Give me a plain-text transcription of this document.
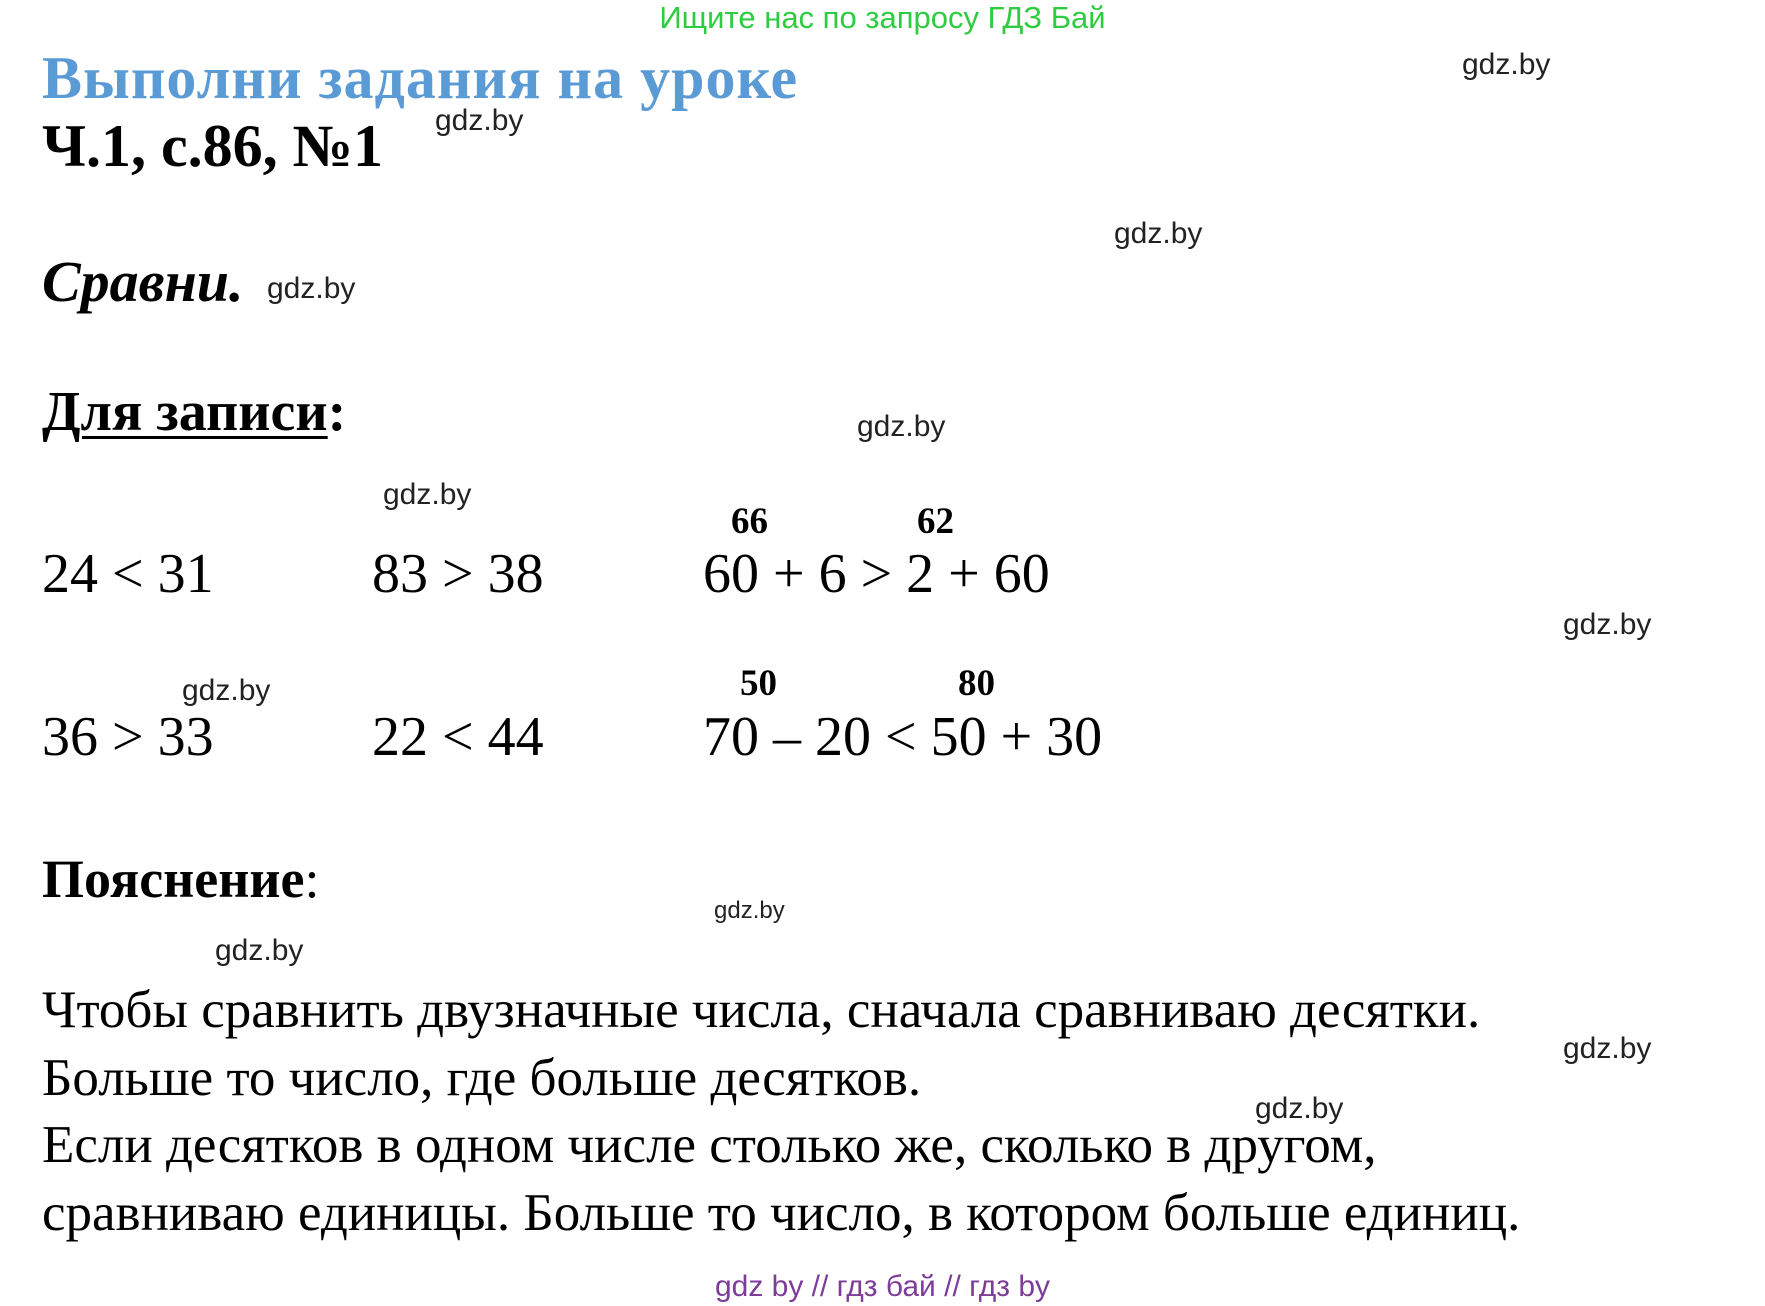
Ищите нас по запросу ГДЗ Бай
Выполни задания на уроке
Ч.1, с.86, №1
Сравни.
Для записи:
66	62
24 < 31	83 > 38	60 + 6 > 2 + 60
50	80
36 > 33	22 < 44	70 – 20 < 50 + 30
Пояснение:
Чтобы сравнить двузначные числа, сначала сравниваю десятки.
Больше то число, где больше десятков.
Если десятков в одном числе столько же, сколько в другом,
сравниваю единицы. Больше то число, в котором больше единиц.
gdz.by
gdz.by
gdz.by
gdz.by
gdz.by
gdz.by
gdz.by
gdz.by
gdz.by
gdz.by
gdz.by
gdz.by
gdz by // гдз бай // гдз by
